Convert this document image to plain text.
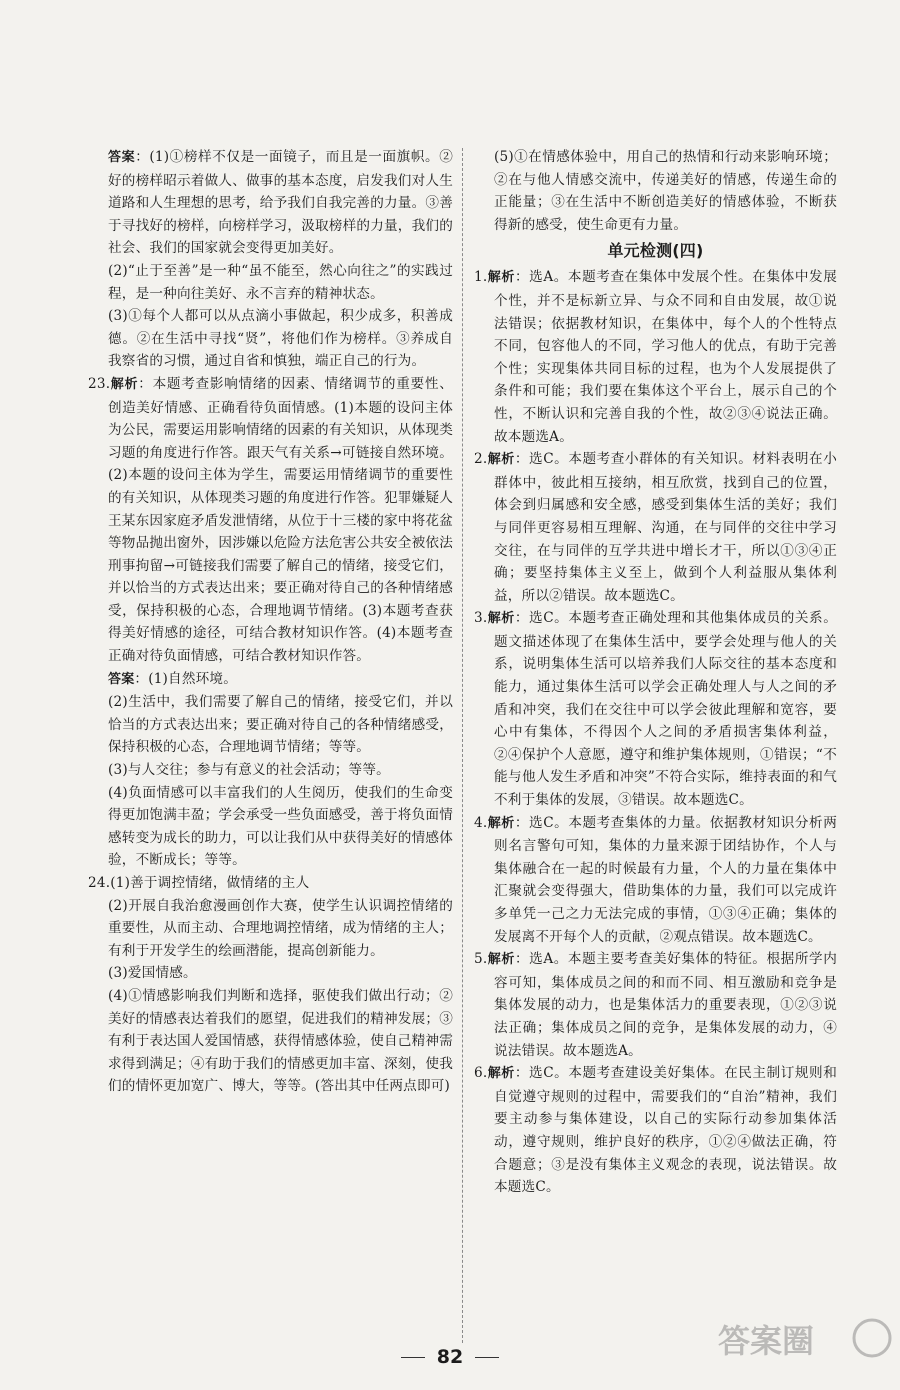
答案：(1)①榜样不仅是一面镜子，而且是一面旗帜。②好的榜样昭示着做人、做事的基本态度，启发我们对人生道路和人生理想的思考，给予我们自我完善的力量。③善于寻找好的榜样，向榜样学习，汲取榜样的力量，我们的社会、我们的国家就会变得更加美好。

(2)“止于至善”是一种“虽不能至，然心向往之”的实践过程，是一种向往美好、永不言弃的精神状态。

(3)①每个人都可以从点滴小事做起，积少成多，积善成德。②在生活中寻找“贤”，将他们作为榜样。③养成自我察省的习惯，通过自省和慎独，端正自己的行为。

23.解析：本题考查影响情绪的因素、情绪调节的重要性、创造美好情感、正确看待负面情感。(1)本题的设问主体为公民，需要运用影响情绪的因素的有关知识，从体现类习题的角度进行作答。跟天气有关系→可链接自然环境。(2)本题的设问主体为学生，需要运用情绪调节的重要性的有关知识，从体现类习题的角度进行作答。犯罪嫌疑人王某东因家庭矛盾发泄情绪，从位于十三楼的家中将花盆等物品抛出窗外，因涉嫌以危险方法危害公共安全被依法刑事拘留→可链接我们需要了解自己的情绪，接受它们，并以恰当的方式表达出来；要正确对待自己的各种情绪感受，保持积极的心态，合理地调节情绪。(3)本题考查获得美好情感的途径，可结合教材知识作答。(4)本题考查正确对待负面情感，可结合教材知识作答。

答案：(1)自然环境。

(2)生活中，我们需要了解自己的情绪，接受它们，并以恰当的方式表达出来；要正确对待自己的各种情绪感受，保持积极的心态，合理地调节情绪；等等。

(3)与人交往；参与有意义的社会活动；等等。

(4)负面情感可以丰富我们的人生阅历，使我们的生命变得更加饱满丰盈；学会承受一些负面感受，善于将负面情感转变为成长的助力，可以让我们从中获得美好的情感体验，不断成长；等等。

24.(1)善于调控情绪，做情绪的主人

(2)开展自我治愈漫画创作大赛，使学生认识调控情绪的重要性，从而主动、合理地调控情绪，成为情绪的主人；有利于开发学生的绘画潜能，提高创新能力。

(3)爱国情感。

(4)①情感影响我们判断和选择，驱使我们做出行动；②美好的情感表达着我们的愿望，促进我们的精神发展；③有利于表达国人爱国情感，获得情感体验，使自己精神需求得到满足；④有助于我们的情感更加丰富、深刻，使我们的情怀更加宽广、博大，等等。(答出其中任两点即可)

(5)①在情感体验中，用自己的热情和行动来影响环境；②在与他人情感交流中，传递美好的情感，传递生命的正能量；③在生活中不断创造美好的情感体验，不断获得新的感受，使生命更有力量。

单元检测(四)

1.解析：选A。本题考查在集体中发展个性。在集体中发展个性，并不是标新立异、与众不同和自由发展，故①说法错误；依据教材知识，在集体中，每个人的个性特点不同，包容他人的不同，学习他人的优点，有助于完善个性；实现集体共同目标的过程，也为个人发展提供了条件和可能；我们要在集体这个平台上，展示自己的个性，不断认识和完善自我的个性，故②③④说法正确。故本题选A。

2.解析：选C。本题考查小群体的有关知识。材料表明在小群体中，彼此相互接纳，相互欣赏，找到自己的位置，体会到归属感和安全感，感受到集体生活的美好；我们与同伴更容易相互理解、沟通，在与同伴的交往中学习交往，在与同伴的互学共进中增长才干，所以①③④正确；要坚持集体主义至上，做到个人利益服从集体利益，所以②错误。故本题选C。

3.解析：选C。本题考查正确处理和其他集体成员的关系。题文描述体现了在集体生活中，要学会处理与他人的关系，说明集体生活可以培养我们人际交往的基本态度和能力，通过集体生活可以学会正确处理人与人之间的矛盾和冲突，我们在交往中可以学会彼此理解和宽容，要心中有集体，不得因个人之间的矛盾损害集体利益，②④保护个人意愿，遵守和维护集体规则，①错误；“不能与他人发生矛盾和冲突”不符合实际，维持表面的和气不利于集体的发展，③错误。故本题选C。

4.解析：选C。本题考查集体的力量。依据教材知识分析两则名言警句可知，集体的力量来源于团结协作，个人与集体融合在一起的时候最有力量，个人的力量在集体中汇聚就会变得强大，借助集体的力量，我们可以完成许多单凭一己之力无法完成的事情，①③④正确；集体的发展离不开每个人的贡献，②观点错误。故本题选C。

5.解析：选A。本题主要考查美好集体的特征。根据所学内容可知，集体成员之间的和而不同、相互激励和竞争是集体发展的动力，也是集体活力的重要表现，①②③说法正确；集体成员之间的竞争，是集体发展的动力，④说法错误。故本题选A。

6.解析：选C。本题考查建设美好集体。在民主制订规则和自觉遵守规则的过程中，需要我们的“自治”精神，我们要主动参与集体建设，以自己的实际行动参加集体活动，遵守规则，维护良好的秩序，①②④做法正确，符合题意；③是没有集体主义观念的表现，说法错误。故本题选C。

82	答案圈
